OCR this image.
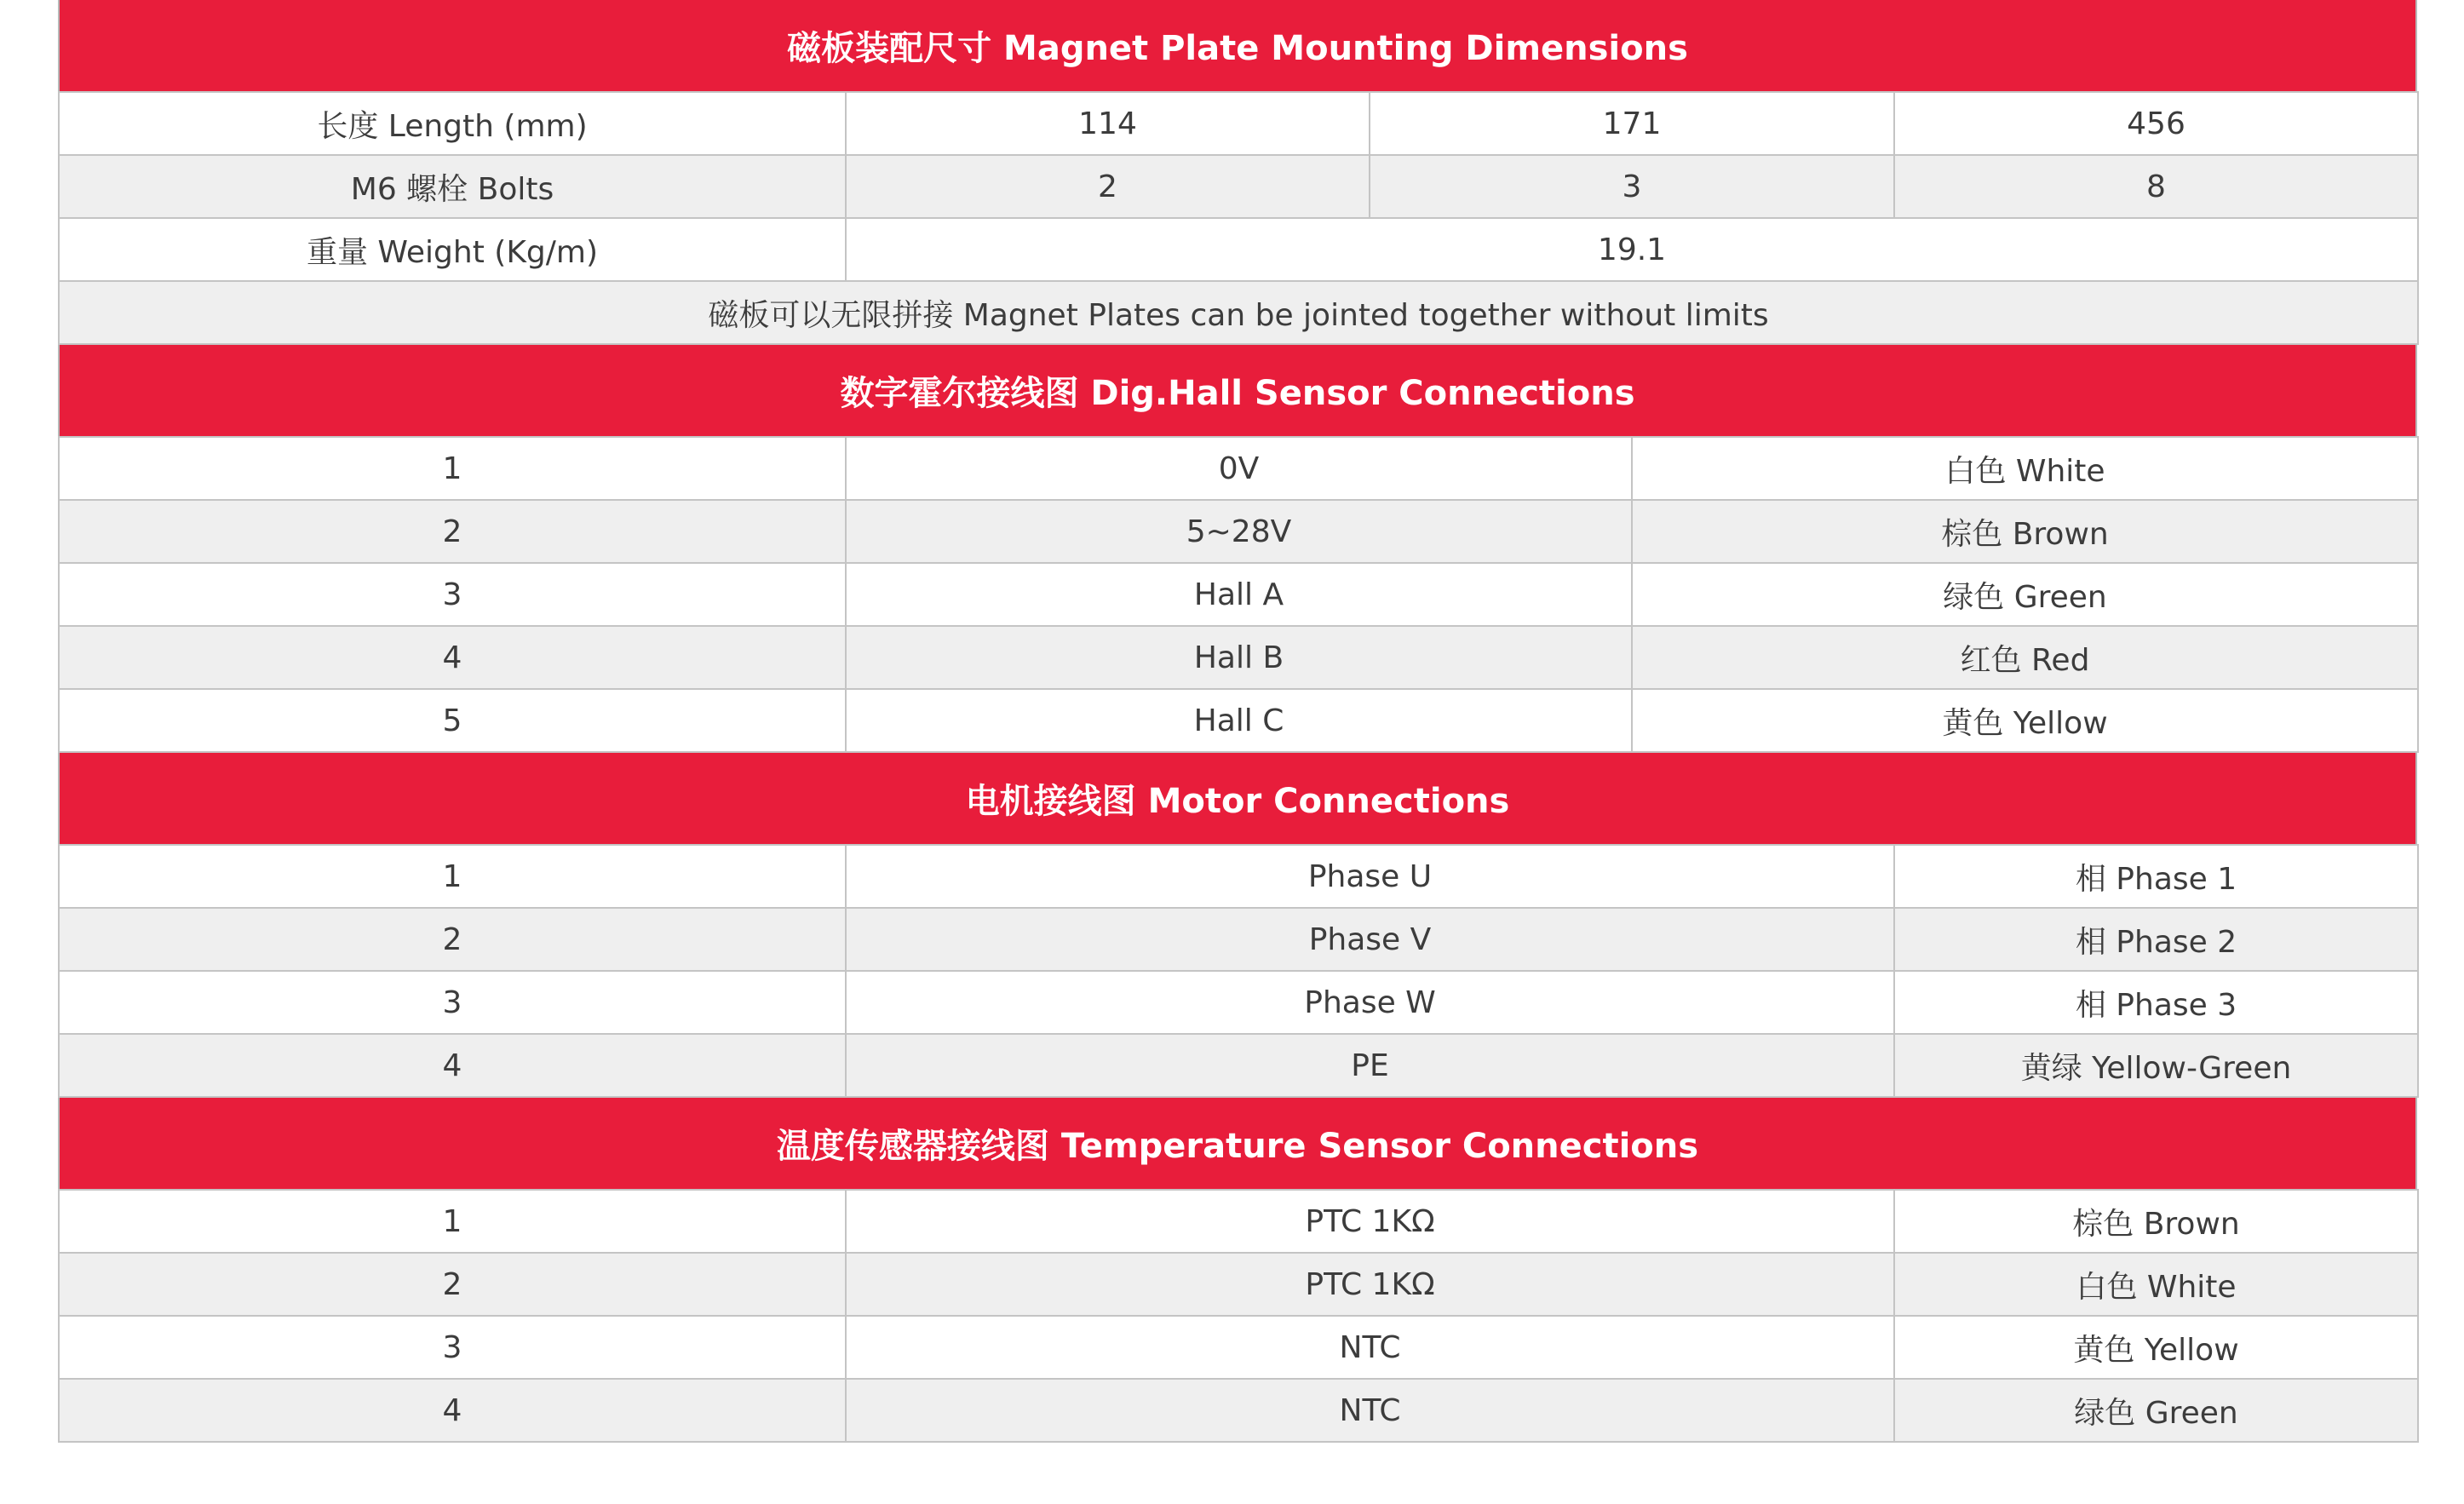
磁板装配尺寸 Magnet Plate Mounting Dimensions
长度 Length (mm)	114	171	456
M6 螺栓 Bolts	2	3	8
重量 Weight (Kg/m)	19.1		
磁板可以无限拼接 Magnet Plates can be jointed together without limits			
数字霍尔接线图 Dig.Hall Sensor Connections
1	0V	白色 White
2	5~28V	棕色 Brown
3	Hall A	绿色 Green
4	Hall B	红色 Red
5	Hall C	黄色 Yellow
电机接线图 Motor Connections
1	Phase U	相 Phase 1
2	Phase V	相 Phase 2
3	Phase W	相 Phase 3
4	PE	黄绿 Yellow-Green
温度传感器接线图 Temperature Sensor Connections
1	PTC 1KΩ	棕色 Brown
2	PTC 1KΩ	白色 White
3	NTC	黄色 Yellow
4	NTC	绿色 Green
